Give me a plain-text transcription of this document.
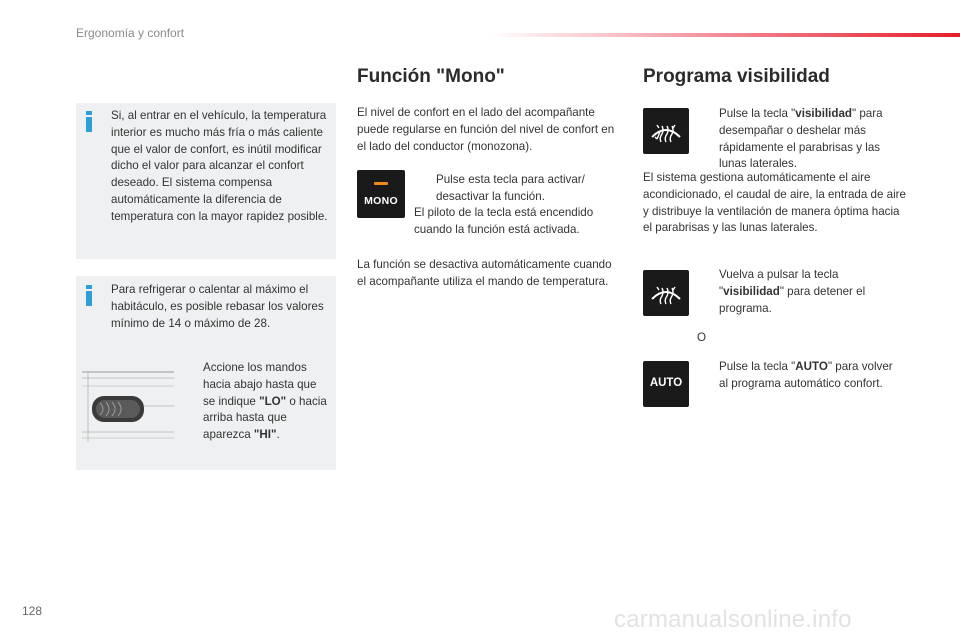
Ergonomía y confort
Si, al entrar en el vehículo, la temperatura interior es mucho más fría o más caliente que el valor de confort, es inútil modificar dicho el valor para alcanzar el confort deseado. El sistema compensa automáticamente la diferencia de temperatura con la mayor rapidez posible.
Para refrigerar o calentar al máximo el habitáculo, es posible rebasar los valores mínimo de 14 o máximo de 28.
Accione los mandos hacia abajo hasta que se indique "LO" o hacia arriba hasta que aparezca "HI".
Función "Mono"
El nivel de confort en el lado del acompañante puede regularse en función del nivel de confort en el lado del conductor (monozona).
MONO
Pulse esta tecla para activar/ desactivar la función.
El piloto de la tecla está encendido cuando la función está activada.
La función se desactiva automáticamente cuando el acompañante utiliza el mando de temperatura.
Programa visibilidad
Pulse la tecla "visibilidad" para desempañar o deshelar más rápidamente el parabrisas y las lunas laterales.
El sistema gestiona automáticamente el aire acondicionado, el caudal de aire, la entrada de aire y distribuye la ventilación de manera óptima hacia el parabrisas y las lunas laterales.
Vuelva a pulsar la tecla "visibilidad" para detener el programa.
O
AUTO
Pulse la tecla "AUTO" para volver al programa automático confort.
128	carmanualsonline.info
